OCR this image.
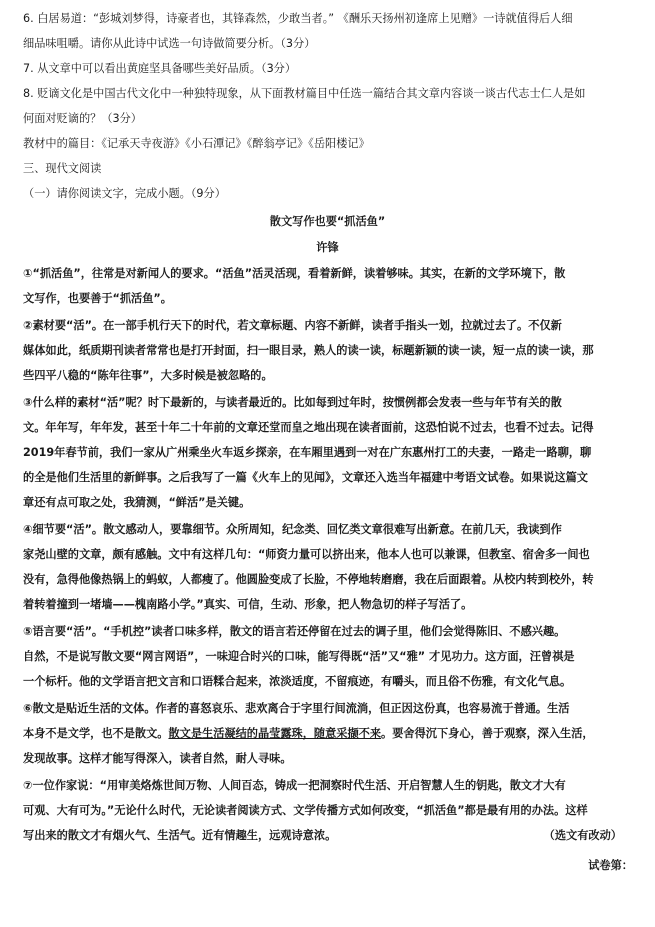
6. 白居易道：“彭城刘梦得，诗豪者也，其锋森然，少敢当者。” 《酬乐天扬州初逢席上见赠》一诗就值得后人细
细品味咀嚼。请你从此诗中试选一句诗做简要分析。（3分）
7. 从文章中可以看出黄庭坚具备哪些美好品质。（3分）
8. 贬谪文化是中国古代文化中一种独特现象，从下面教材篇目中任选一篇结合其文章内容谈一谈古代志士仁人是如
何面对贬谪的？（3分）
教材中的篇目：《记承天寺夜游》《小石潭记》《醉翁亭记》《岳阳楼记》
三、现代文阅读
（一）请你阅读文字，完成小题。（9分）
散文写作也要“抓活鱼”
许锋
①“抓活鱼”，往常是对新闻人的要求。“活鱼”活灵活现，看着新鲜，读着够味。其实，在新的文学环境下，散
文写作，也要善于“抓活鱼”。
②素材要“活”。在一部手机行天下的时代，若文章标题、内容不新鲜，读者手指头一划，拉就过去了。不仅新
媒体如此，纸质期刊读者常常也是打开封面，扫一眼目录，熟人的读一读，标题新颖的读一读，短一点的读一读，那
些四平八稳的“陈年往事”，大多时候是被忽略的。
③什么样的素材“活”呢？时下最新的，与读者最近的。比如每到过年时，按惯例都会发表一些与年节有关的散
文。年年写，年年发，甚至十年二十年前的文章还堂而皇之地出现在读者面前，这恐怕说不过去，也看不过去。记得
2019年春节前，我们一家从广州乘坐火车返乡探亲，在车厢里遇到一对在广东惠州打工的夫妻，一路走一路聊，聊
的全是他们生活里的新鲜事。之后我写了一篇《火车上的见闻》，文章还入选当年福建中考语文试卷。如果说这篇文
章还有点可取之处，我猜测，“鲜活”是关键。
④细节要“活”。散文感动人，要靠细节。众所周知，纪念类、回忆类文章很难写出新意。在前几天，我读到作
家尧山壁的文章，颇有感触。文中有这样几句：“师资力量可以挤出来，他本人也可以兼课，但教室、宿舍多一间也
没有，急得他像热锅上的蚂蚁，人都瘦了。他圆脸变成了长脸，不停地转磨磨，我在后面跟着。从校内转到校外，转
着转着撞到一堵墙——槐南路小学。”真实、可信，生动、形象，把人物急切的样子写活了。
⑤语言要“活”。“手机控”读者口味多样，散文的语言若还停留在过去的调子里，他们会觉得陈旧、不感兴趣。
自然，不是说写散文要“网言网语”，一味迎合时兴的口味，能写得既“活”又“雅” 才见功力。这方面，汪曾祺是
一个标杆。他的文学语言把文言和口语糅合起来，浓淡适度，不留痕迹，有嚼头，而且俗不伤雅，有文化气息。
⑥散文是贴近生活的文体。作者的喜怒哀乐、悲欢离合于字里行间流淌，但正因这份真，也容易流于普通。生活
本身不是文学，也不是散文。散文是生活凝结的晶莹露珠，随意采撷不来。要舍得沉下身心，善于观察，深入生活，
发现故事。这样才能写得深入，读者自然，耐人寻味。
⑦一位作家说：“用审美烙炼世间万物、人间百态，铸成一把洞察时代生活、开启智慧人生的钥匙，散文才大有
可观、大有可为。”无论什么时代，无论读者阅读方式、文学传播方式如何改变，“抓活鱼”都是最有用的办法。这样
写出来的散文才有烟火气、生活气。近有情趣生，远观诗意浓。	（选文有改动）
试卷第：
